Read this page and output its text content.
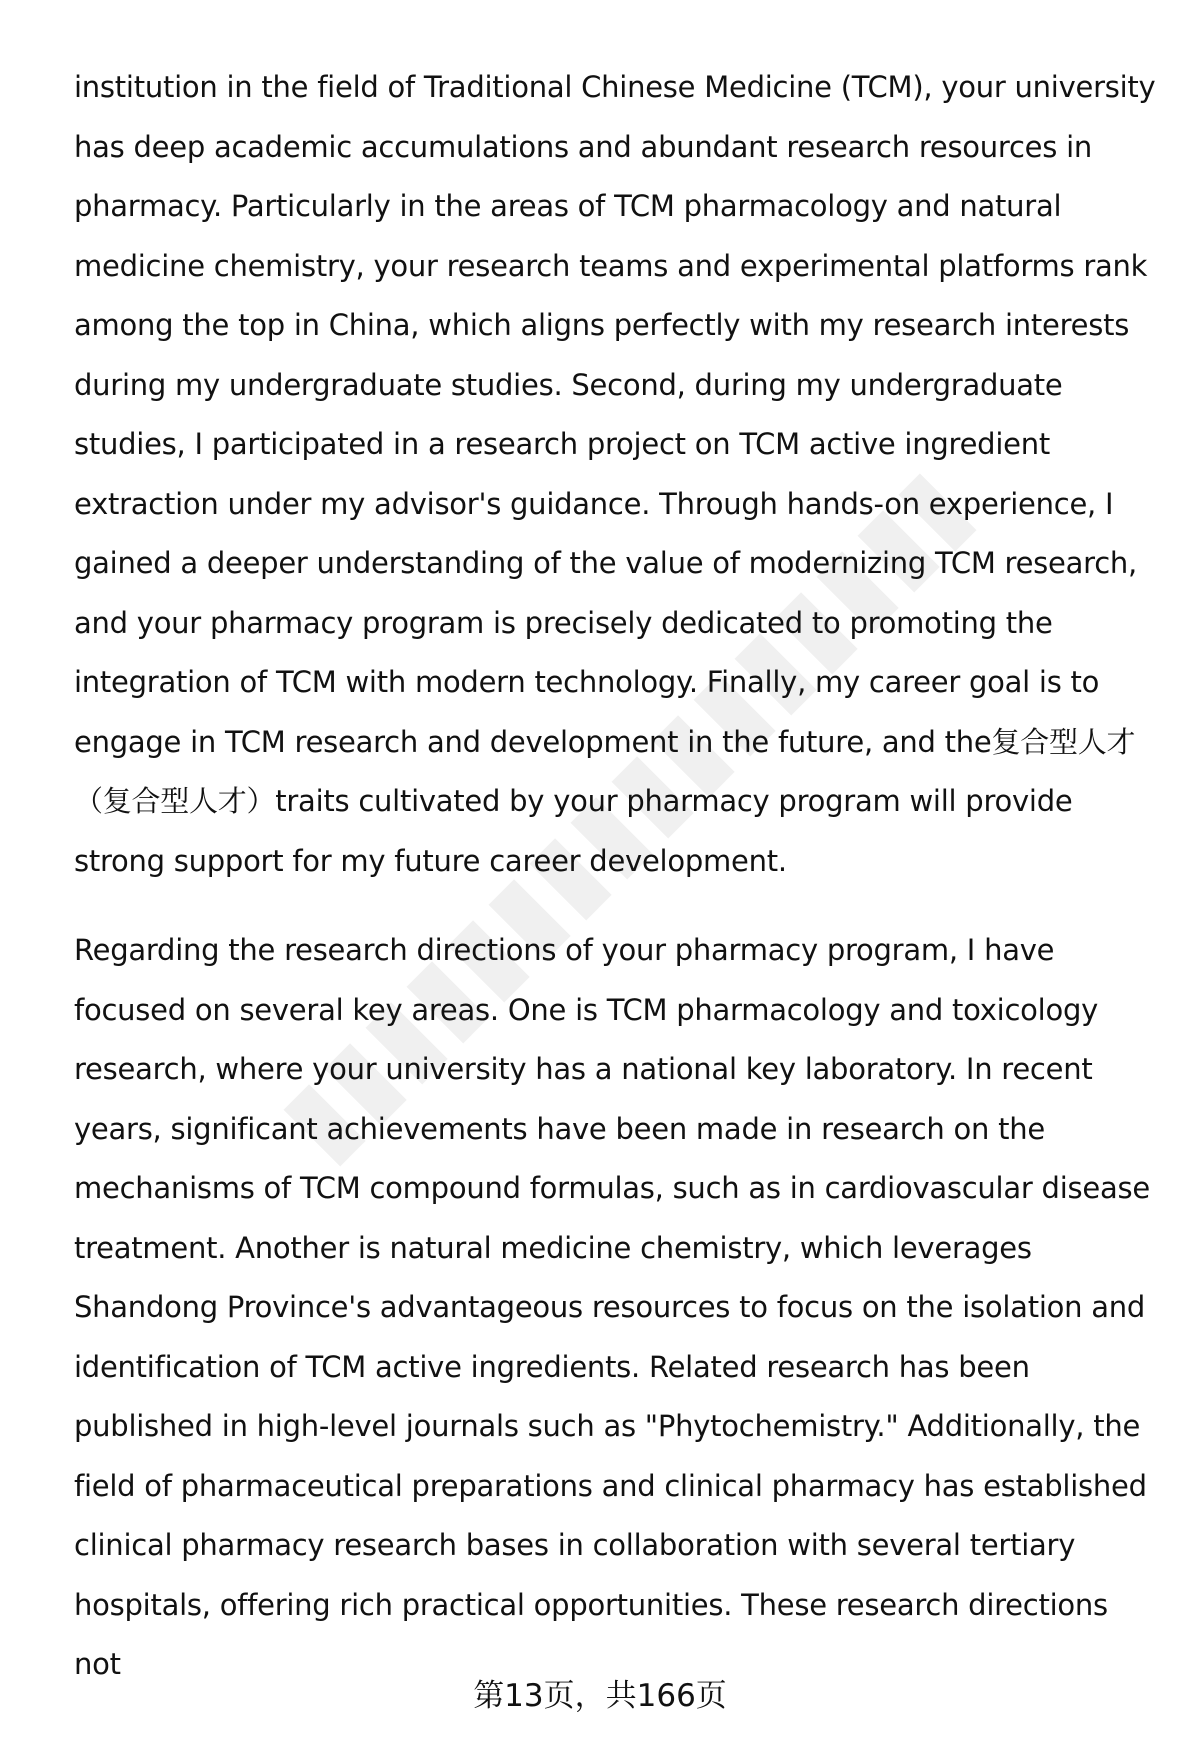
institution in the field of Traditional Chinese Medicine (TCM), your university has deep academic accumulations and abundant research resources in pharmacy. Particularly in the areas of TCM pharmacology and natural medicine chemistry, your research teams and experimental platforms rank among the top in China, which aligns perfectly with my research interests during my undergraduate studies. Second, during my undergraduate studies, I participated in a research project on TCM active ingredient extraction under my advisor's guidance. Through hands-on experience, I gained a deeper understanding of the value of modernizing TCM research, and your pharmacy program is precisely dedicated to promoting the integration of TCM with modern technology. Finally, my career goal is to engage in TCM research and development in the future, and the复合型人才（复合型人才）traits cultivated by your pharmacy program will provide strong support for my future career development.

Regarding the research directions of your pharmacy program, I have focused on several key areas. One is TCM pharmacology and toxicology research, where your university has a national key laboratory. In recent years, significant achievements have been made in research on the mechanisms of TCM compound formulas, such as in cardiovascular disease treatment. Another is natural medicine chemistry, which leverages Shandong Province's advantageous resources to focus on the isolation and identification of TCM active ingredients. Related research has been published in high-level journals such as "Phytochemistry." Additionally, the field of pharmaceutical preparations and clinical pharmacy has established clinical pharmacy research bases in collaboration with several tertiary hospitals, offering rich practical opportunities. These research directions not

第13页，共166页
